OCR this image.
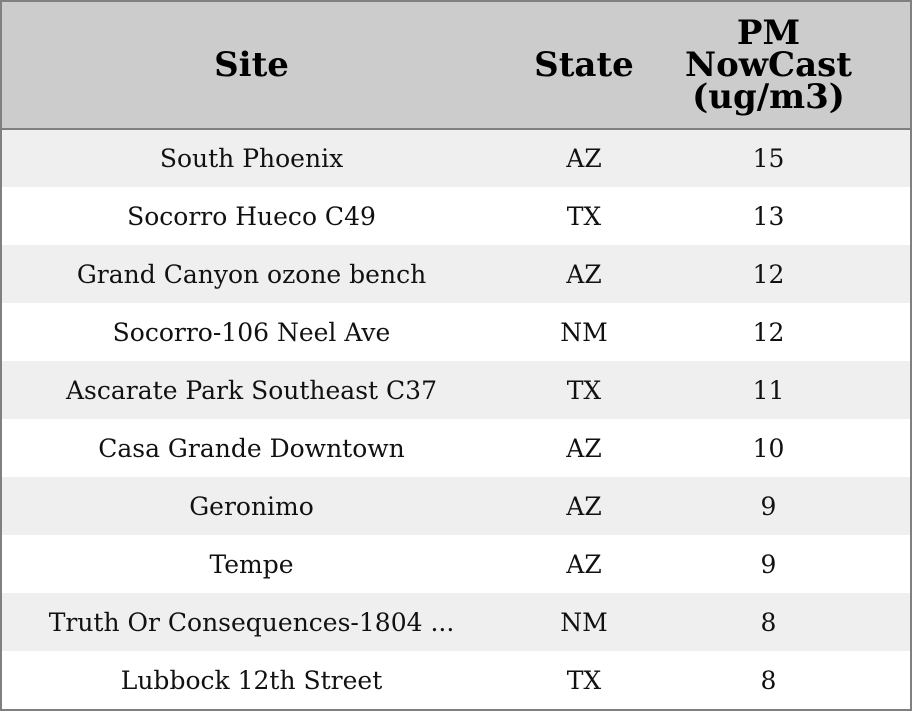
Site	State	PM
NowCast
(ug/m3)

South Phoenix	AZ	15
Socorro Hueco C49	TX	13
Grand Canyon ozone bench	AZ	12
Socorro-106 Neel Ave	NM	12
Ascarate Park Southeast C37	TX	11
Casa Grande Downtown	AZ	10
Geronimo	AZ	9
Tempe	AZ	9
Truth Or Consequences-1804 ...	NM	8
Lubbock 12th Street	TX	8
